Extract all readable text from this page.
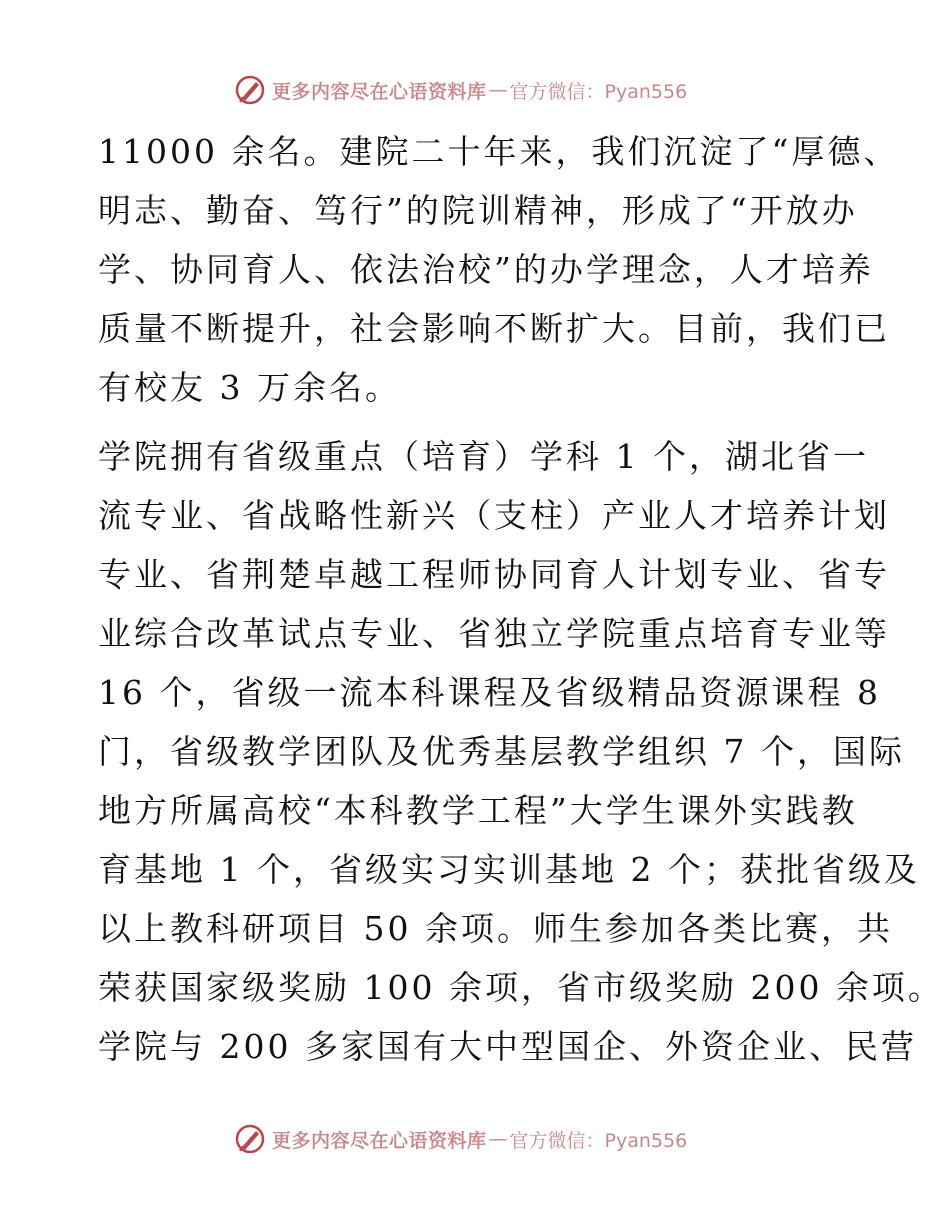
更多内容尽在心语资料库 — 官方微信：Pyan556
11000 余名。建院二十年来，我们沉淀了“厚德、
明志、勤奋、笃行”的院训精神，形成了“开放办
学、协同育人、依法治校”的办学理念，人才培养
质量不断提升，社会影响不断扩大。目前，我们已
有校友 3 万余名。
学院拥有省级重点（培育）学科 1 个，湖北省一
流专业、省战略性新兴（支柱）产业人才培养计划
专业、省荆楚卓越工程师协同育人计划专业、省专
业综合改革试点专业、省独立学院重点培育专业等
16 个，省级一流本科课程及省级精品资源课程 8
门，省级教学团队及优秀基层教学组织 7 个，国际
地方所属高校“本科教学工程”大学生课外实践教
育基地 1 个，省级实习实训基地 2 个；获批省级及
以上教科研项目 50 余项。师生参加各类比赛，共
荣获国家级奖励 100 余项，省市级奖励 200 余项。
学院与 200 多家国有大中型国企、外资企业、民营
更多内容尽在心语资料库 — 官方微信：Pyan556
